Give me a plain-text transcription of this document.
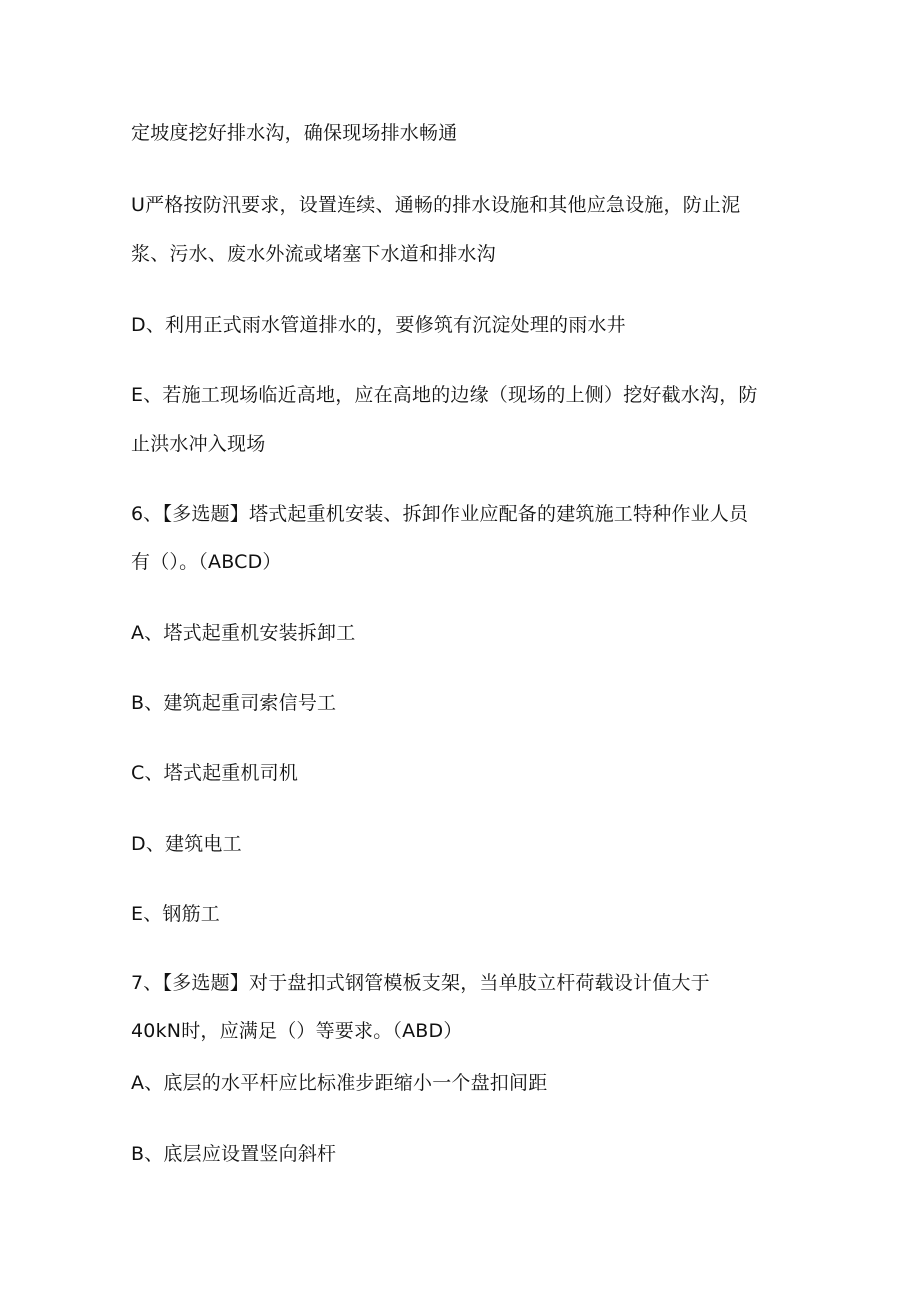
定坡度挖好排水沟，确保现场排水畅通
U严格按防汛要求，设置连续、通畅的排水设施和其他应急设施，防止泥
浆、污水、废水外流或堵塞下水道和排水沟
D、利用正式雨水管道排水的，要修筑有沉淀处理的雨水井
E、若施工现场临近高地，应在高地的边缘（现场的上侧）挖好截水沟，防
止洪水冲入现场
6、【多选题】塔式起重机安装、拆卸作业应配备的建筑施工特种作业人员
有（）。（ABCD）
A、塔式起重机安装拆卸工
B、建筑起重司索信号工
C、塔式起重机司机
D、建筑电工
E、钢筋工
7、【多选题】对于盘扣式钢管模板支架，当单肢立杆荷载设计值大于
40kN时，应满足（）等要求。（ABD）
A、底层的水平杆应比标准步距缩小一个盘扣间距
B、底层应设置竖向斜杆
